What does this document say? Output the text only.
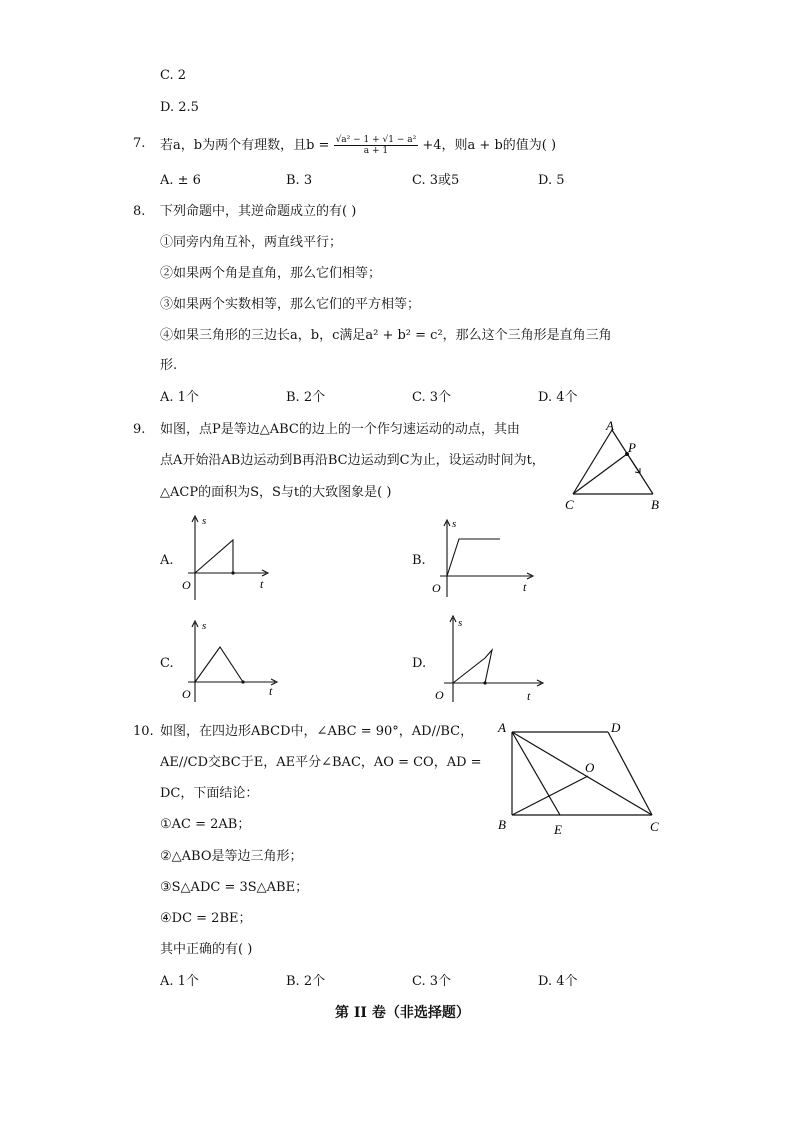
C. 2
D. 2.5
7. 若a，b为两个有理数，且$b = \frac{\text{√a² − 1 + √1 − a²}}{a + 1} +4$，则a + b的值为( )
A. ± 6	B. 3	C. 3或5	D. 5
8. 下列命题中，其逆命题成立的有( )
①同旁内角互补，两直线平行；
②如果两个角是直角，那么它们相等；
③如果两个实数相等，那么它们的平方相等；
④如果三角形的三边长a，b，c满足a² + b² = c²，那么这个三角形是直角三角
形.
A. 1个	B. 2个	C. 3个	D. 4个
9. 如图，点P是等边△ABC的边上的一个作匀速运动的动点，其由
点A开始沿AB边运动到B再沿BC边运动到C为止，设运动时间为t，
△ACP的面积为S，S与t的大致图象是( )
A
P
C	B
A.
s
t
O
B.
s
t
O
C.
s
t
O
D.
s
t
O
10. 如图，在四边形ABCD中，∠ABC = 90°，AD//BC，
AE//CD交BC于E，AE平分∠BAC，AO = CO，AD =
DC，下面结论：
①AC = 2AB；
②△ABO是等边三角形；
③S△ADC = 3S△ABE；
④DC = 2BE；
其中正确的有( )
A. 1个	B. 2个	C. 3个	D. 4个
A	D
O
B	E	C
第 II 卷（非选择题）
